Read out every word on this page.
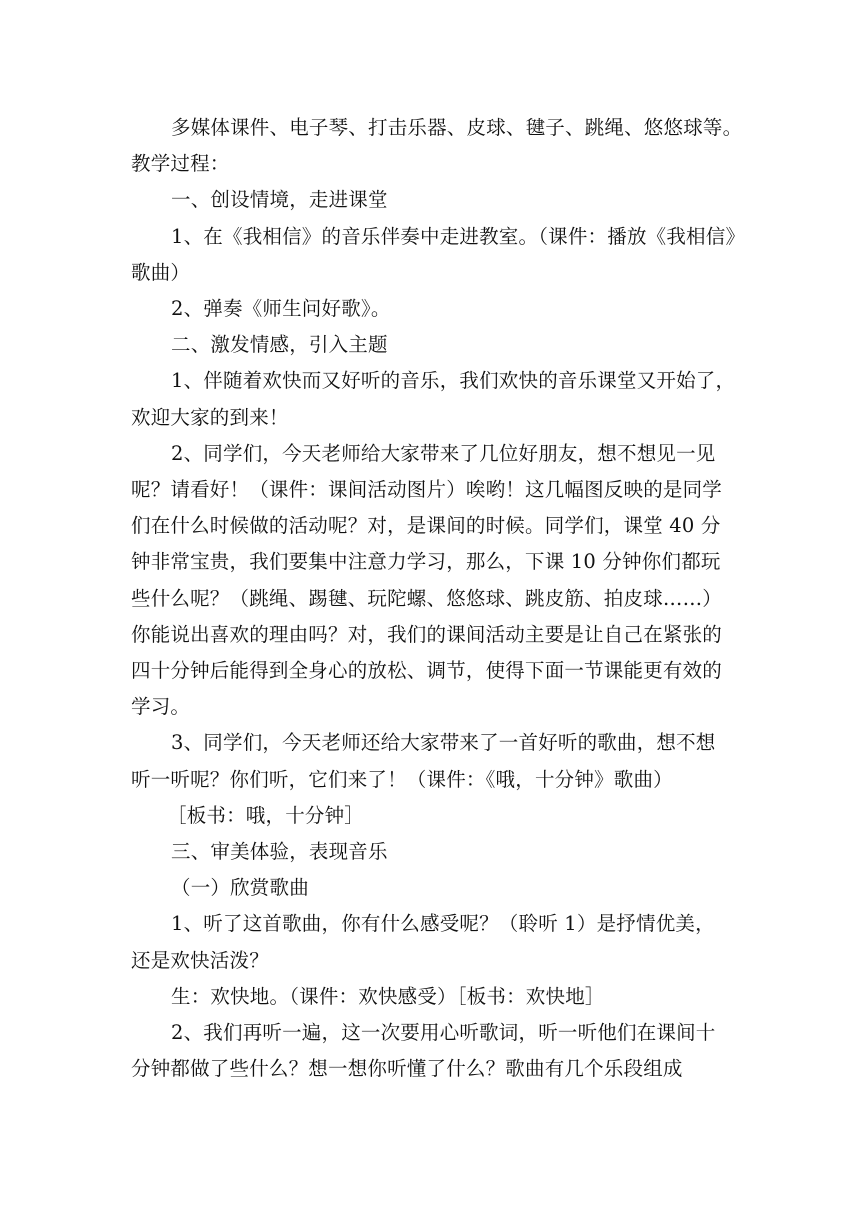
多媒体课件、电子琴、打击乐器、皮球、毽子、跳绳、悠悠球等。

教学过程：

一、创设情境，走进课堂

1、在《我相信》的音乐伴奏中走进教室。（课件：播放《我相信》

歌曲）

2、弹奏《师生问好歌》。

二、激发情感，引入主题

1、伴随着欢快而又好听的音乐，我们欢快的音乐课堂又开始了，

欢迎大家的到来！

2、同学们，今天老师给大家带来了几位好朋友，想不想见一见

呢？请看好！（课件：课间活动图片）唉哟！这几幅图反映的是同学

们在什么时候做的活动呢？对，是课间的时候。同学们，课堂 40 分

钟非常宝贵，我们要集中注意力学习，那么，下课 10 分钟你们都玩

些什么呢？（跳绳、踢毽、玩陀螺、悠悠球、跳皮筋、拍皮球……）

你能说出喜欢的理由吗？对，我们的课间活动主要是让自己在紧张的

四十分钟后能得到全身心的放松、调节，使得下面一节课能更有效的

学习。

3、同学们，今天老师还给大家带来了一首好听的歌曲，想不想

听一听呢？你们听，它们来了！（课件：《哦，十分钟》歌曲）

［板书：哦，十分钟］

三、审美体验，表现音乐

（一）欣赏歌曲

1、听了这首歌曲，你有什么感受呢？（聆听 1）是抒情优美，

还是欢快活泼？

生：欢快地。（课件：欢快感受）［板书：欢快地］

2、我们再听一遍，这一次要用心听歌词，听一听他们在课间十

分钟都做了些什么？想一想你听懂了什么？歌曲有几个乐段组成
